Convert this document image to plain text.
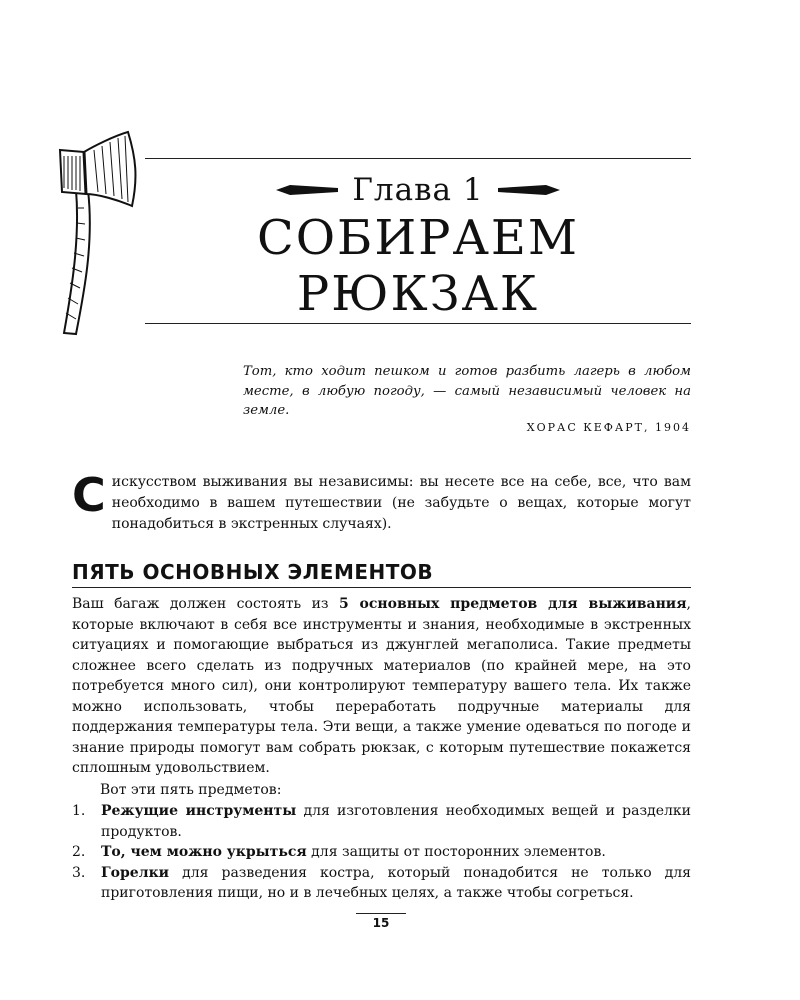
Глава 1
СОБИРАЕМ
РЮКЗАК

Тот, кто ходит пешком и готов разбить лагерь в любом месте, в любую погоду, — самый независимый человек на земле.

ХОРАС КЕФАРТ, 1904

С искусством выживания вы независимы: вы несете все на себе, все, что вам необходимо в вашем путешествии (не забудьте о вещах, которые могут понадобиться в экстренных случаях).

ПЯТЬ ОСНОВНЫХ ЭЛЕМЕНТОВ

Ваш багаж должен состоять из 5 основных предметов для выживания, которые включают в себя все инструменты и знания, необходимые в экстренных ситуациях и помогающие выбраться из джунглей мегаполиса. Такие предметы сложнее всего сделать из подручных материалов (по крайней мере, на это потребуется много сил), они контролируют температуру вашего тела. Их также можно использовать, чтобы переработать подручные материалы для поддержания температуры тела. Эти вещи, а также умение одеваться по погоде и знание природы помогут вам собрать рюкзак, с которым путешествие покажется сплошным удовольствием.

Вот эти пять предметов:

1. Режущие инструменты для изготовления необходимых вещей и разделки продуктов.
2. То, чем можно укрыться для защиты от посторонних элементов.
3. Горелки для разведения костра, который понадобится не только для приготовления пищи, но и в лечебных целях, а также чтобы согреться.
15
